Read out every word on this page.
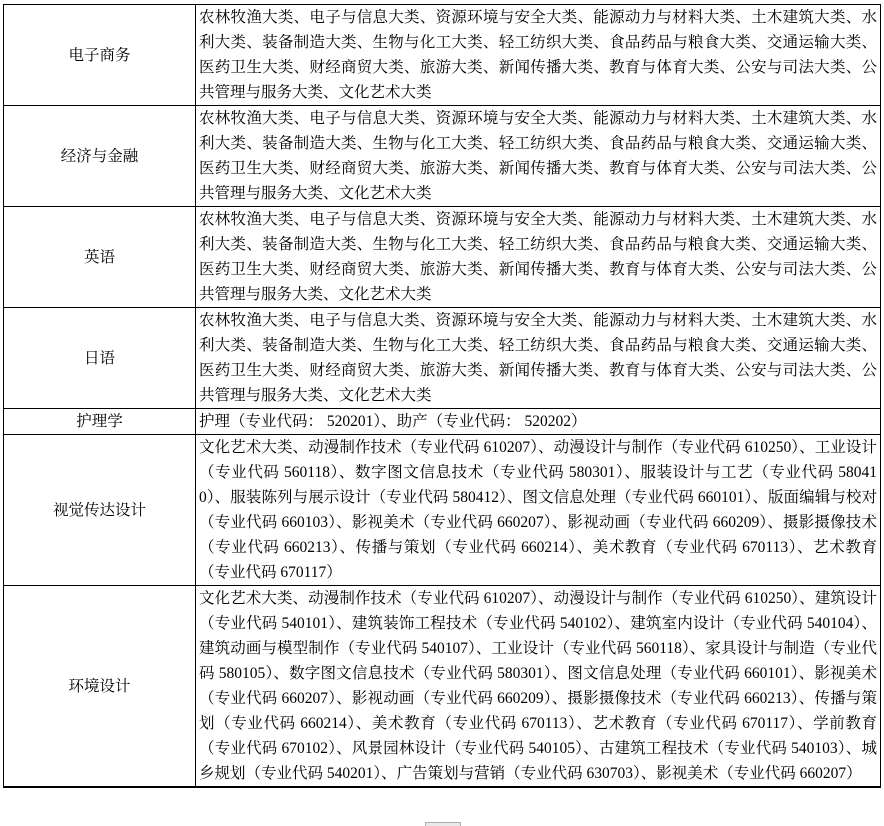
电子商务	农林牧渔大类、电子与信息大类、资源环境与安全大类、能源动力与材料大类、土木建筑大类、水利大类、装备制造大类、生物与化工大类、轻工纺织大类、食品药品与粮食大类、交通运输大类、医药卫生大类、财经商贸大类、旅游大类、新闻传播大类、教育与体育大类、公安与司法大类、公共管理与服务大类、文化艺术大类
经济与金融	农林牧渔大类、电子与信息大类、资源环境与安全大类、能源动力与材料大类、土木建筑大类、水利大类、装备制造大类、生物与化工大类、轻工纺织大类、食品药品与粮食大类、交通运输大类、医药卫生大类、财经商贸大类、旅游大类、新闻传播大类、教育与体育大类、公安与司法大类、公共管理与服务大类、文化艺术大类
英语	农林牧渔大类、电子与信息大类、资源环境与安全大类、能源动力与材料大类、土木建筑大类、水利大类、装备制造大类、生物与化工大类、轻工纺织大类、食品药品与粮食大类、交通运输大类、医药卫生大类、财经商贸大类、旅游大类、新闻传播大类、教育与体育大类、公安与司法大类、公共管理与服务大类、文化艺术大类
日语	农林牧渔大类、电子与信息大类、资源环境与安全大类、能源动力与材料大类、土木建筑大类、水利大类、装备制造大类、生物与化工大类、轻工纺织大类、食品药品与粮食大类、交通运输大类、医药卫生大类、财经商贸大类、旅游大类、新闻传播大类、教育与体育大类、公安与司法大类、公共管理与服务大类、文化艺术大类
护理学	护理（专业代码： 520201）、助产（专业代码： 520202）
视觉传达设计	文化艺术大类、动漫制作技术（专业代码 610207）、动漫设计与制作（专业代码 610250）、工业设计（专业代码 560118）、数字图文信息技术（专业代码 580301）、服装设计与工艺（专业代码 580410）、服装陈列与展示设计（专业代码 580412）、图文信息处理（专业代码 660101）、版面编辑与校对（专业代码 660103）、影视美术（专业代码 660207）、影视动画（专业代码 660209）、摄影摄像技术（专业代码 660213）、传播与策划（专业代码 660214）、美术教育（专业代码 670113）、艺术教育（专业代码 670117）
环境设计	文化艺术大类、动漫制作技术（专业代码 610207）、动漫设计与制作（专业代码 610250）、建筑设计（专业代码 540101）、建筑装饰工程技术（专业代码 540102）、建筑室内设计（专业代码 540104）、建筑动画与模型制作（专业代码 540107）、工业设计（专业代码 560118）、家具设计与制造（专业代码 580105）、数字图文信息技术（专业代码 580301）、图文信息处理（专业代码 660101）、影视美术（专业代码 660207）、影视动画（专业代码 660209）、摄影摄像技术（专业代码 660213）、传播与策划（专业代码 660214）、美术教育（专业代码 670113）、艺术教育（专业代码 670117）、学前教育（专业代码 670102）、风景园林设计（专业代码 540105）、古建筑工程技术（专业代码 540103）、城乡规划（专业代码 540201）、广告策划与营销（专业代码 630703）、影视美术（专业代码 660207）
